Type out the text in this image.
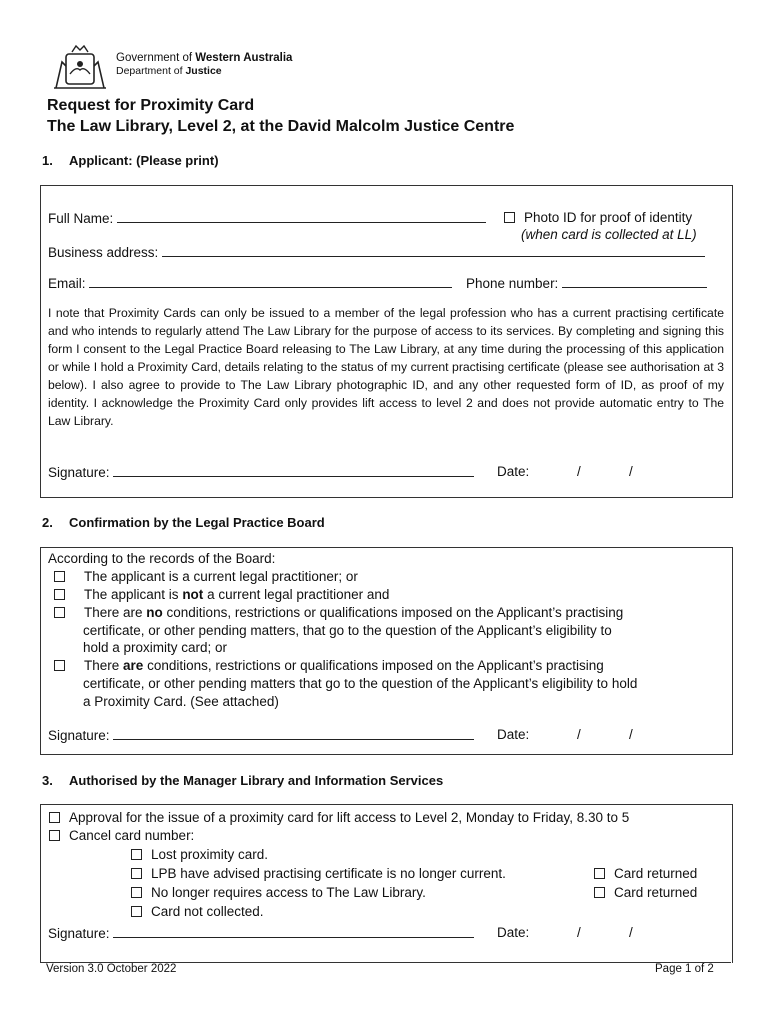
Government of Western Australia
Department of Justice
Request for Proximity Card
The Law Library, Level 2, at the David Malcolm Justice Centre
1. Applicant: (Please print)
Full Name:	Photo ID for proof of identity
(when card is collected at LL)
Business address:
Email:	Phone number:
I note that Proximity Cards can only be issued to a member of the legal profession who has a current practising certificate and who intends to regularly attend The Law Library for the purpose of access to its services. By completing and signing this form I consent to the Legal Practice Board releasing to The Law Library, at any time during the processing of this application or while I hold a Proximity Card, details relating to the status of my current practising certificate (please see authorisation at 3 below). I also agree to provide to The Law Library photographic ID, and any other requested form of ID, as proof of my identity. I acknowledge the Proximity Card only provides lift access to level 2 and does not provide automatic entry to The Law Library.
Signature:	Date:	/	/
2. Confirmation by the Legal Practice Board
According to the records of the Board:
The applicant is a current legal practitioner; or
The applicant is not a current legal practitioner and
There are no conditions, restrictions or qualifications imposed on the Applicant’s practising
certificate, or other pending matters, that go to the question of the Applicant’s eligibility to
hold a proximity card; or
There are conditions, restrictions or qualifications imposed on the Applicant’s practising
certificate, or other pending matters that go to the question of the Applicant’s eligibility to hold
a Proximity Card. (See attached)
Signature:	Date:	/	/
3. Authorised by the Manager Library and Information Services
Approval for the issue of a proximity card for lift access to Level 2, Monday to Friday, 8.30 to 5
Cancel card number:
Lost proximity card.
LPB have advised practising certificate is no longer current.	Card returned
No longer requires access to The Law Library.	Card returned
Card not collected.
Signature:	Date:	/	/
Version 3.0 October 2022	Page 1 of 2
